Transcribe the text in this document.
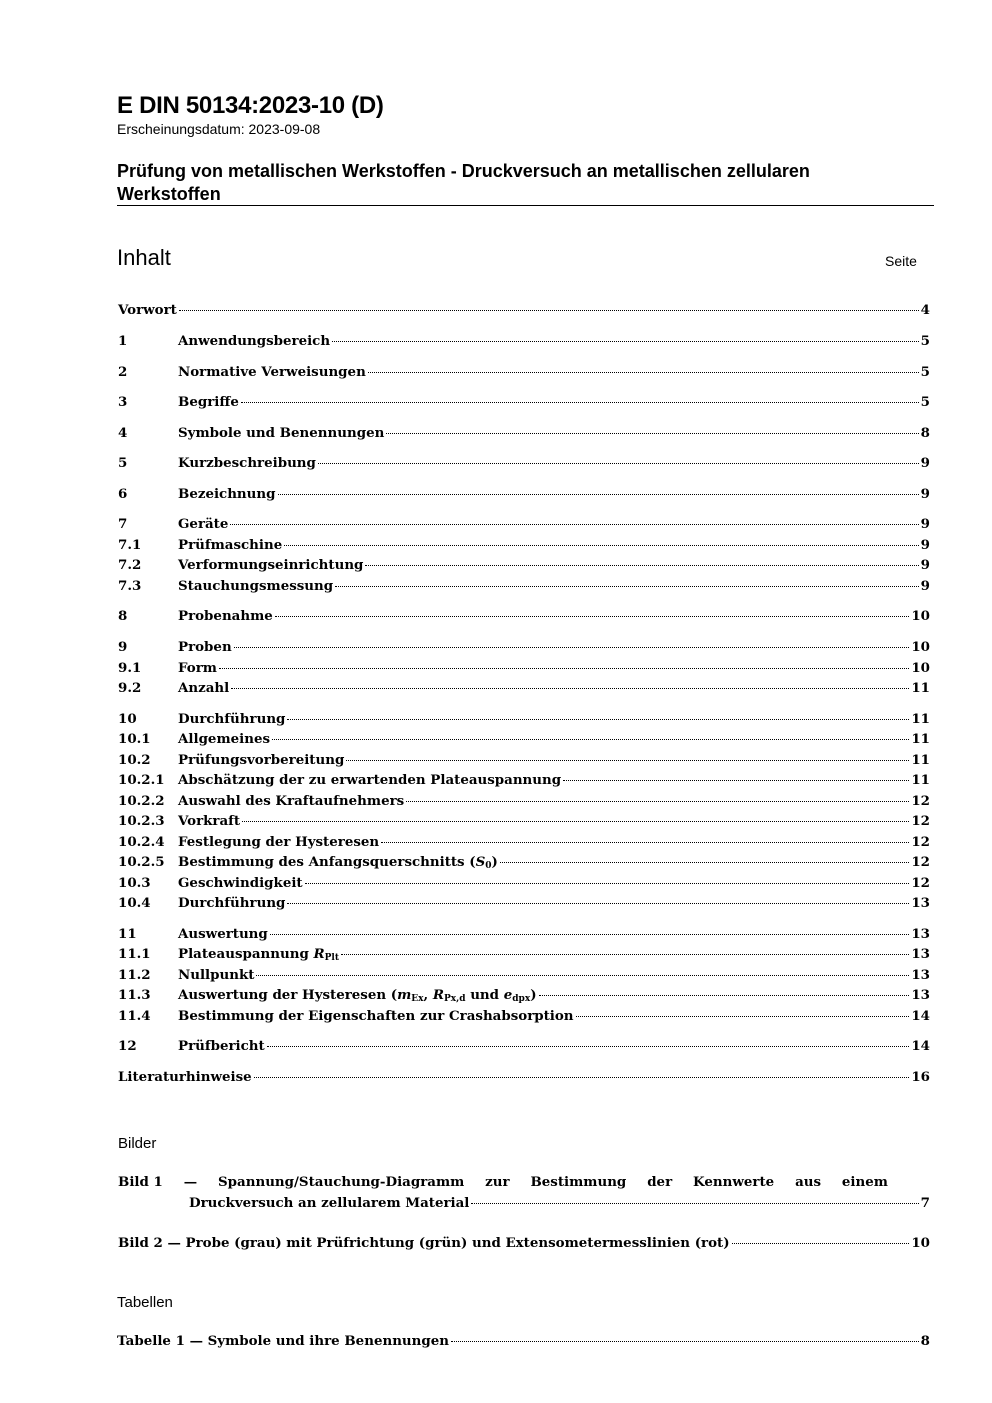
E DIN 50134:2023-10 (D)
Erscheinungsdatum: 2023-09-08
Prüfung von metallischen Werkstoffen - Druckversuch an metallischen zellularen
Werkstoffen
Inhalt	Seite
Vorwort	4
1	Anwendungsbereich	5
2	Normative Verweisungen	5
3	Begriffe	5
4	Symbole und Benennungen	8
5	Kurzbeschreibung	9
6	Bezeichnung	9
7	Geräte	9
7.1	Prüfmaschine	9
7.2	Verformungseinrichtung	9
7.3	Stauchungsmessung	9
8	Probenahme	10
9	Proben	10
9.1	Form	10
9.2	Anzahl	11
10	Durchführung	11
10.1	Allgemeines	11
10.2	Prüfungsvorbereitung	11
10.2.1	Abschätzung der zu erwartenden Plateauspannung	11
10.2.2	Auswahl des Kraftaufnehmers	12
10.2.3	Vorkraft	12
10.2.4	Festlegung der Hysteresen	12
10.2.5	Bestimmung des Anfangsquerschnitts $(S_0)$	12
10.3	Geschwindigkeit	12
10.4	Durchführung	13
11	Auswertung	13
11.1	Plateauspannung $R_{Plt}$	13
11.2	Nullpunkt	13
11.3	Auswertung der Hysteresen ($m_{Ex}$, $R_{Px,d}$ und $e_{dpx}$)	13
11.4	Bestimmung der Eigenschaften zur Crashabsorption	14
12	Prüfbericht	14
Literaturhinweise	16
Bilder
Bild 1 — Spannung/Stauchung-Diagramm zur Bestimmung der Kennwerte aus einem
Druckversuch an zellularem Material	7
Bild 2 — Probe (grau) mit Prüfrichtung (grün) und Extensometermesslinien (rot)	10
Tabellen
Tabelle 1 — Symbole und ihre Benennungen	8
